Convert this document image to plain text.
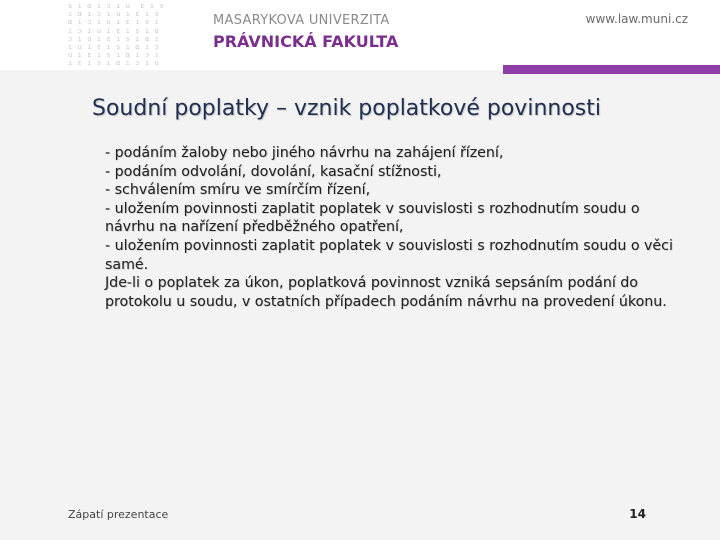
s ı α ı ɔ ı u  ɛ ı s
ı α ı ɔ ı u ı ɛ ı s
α ı ɔ ı u ı ɛ ı s ı
ı ɔ ı u ı ɛ ı s ı α
ɔ ı u ı ɛ ı s ı α ı
ı u ı ɛ ı s ı α ı ɔ
u ı ɛ ı s ı α ı ɔ ı
ı ɛ ı s ı α ı ɔ ı u
MASARYKOVA UNIVERZITA
PRÁVNICKÁ FAKULTA
www.law.muni.cz
Soudní poplatky – vznik poplatkové povinnosti

- podáním žaloby nebo jiného návrhu na zahájení řízení,

- podáním odvolání, dovolání, kasační stížnosti,

- schválením smíru ve smírčím řízení,

- uložením povinnosti zaplatit poplatek v souvislosti s rozhodnutím soudu o návrhu na nařízení předběžného opatření,

- uložením povinnosti zaplatit poplatek v souvislosti s rozhodnutím soudu o věci samé.

Jde-li o poplatek za úkon, poplatková povinnost vzniká sepsáním podání do protokolu u soudu, v ostatních případech podáním návrhu na provedení úkonu.

Zápatí prezentace	14
